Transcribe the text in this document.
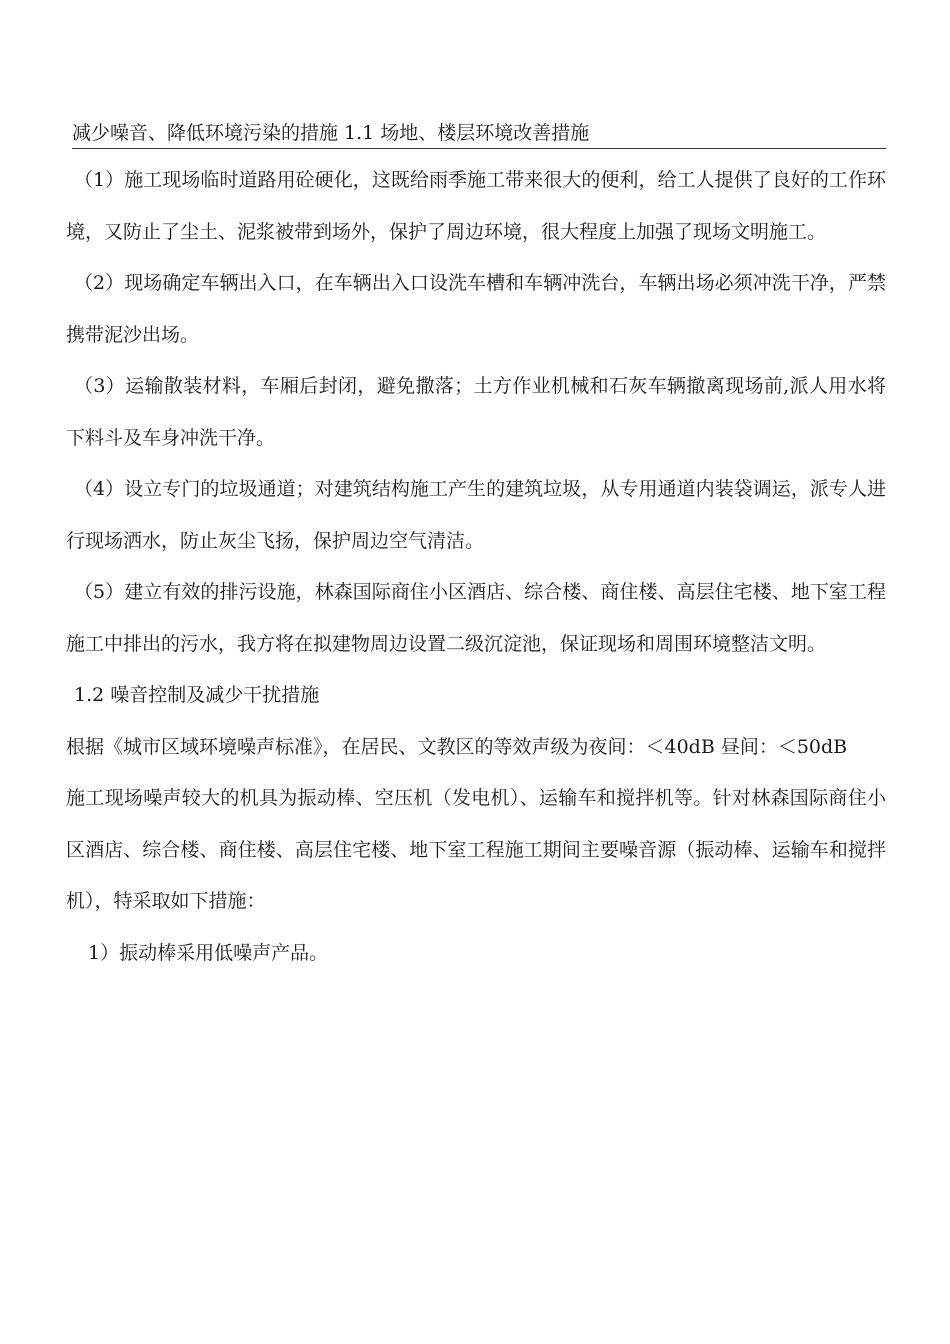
减少噪音、降低环境污染的措施 1.1 场地、楼层环境改善措施

（1）施工现场临时道路用砼硬化，这既给雨季施工带来很大的便利，给工人提供了良好的工作环境，又防止了尘土、泥浆被带到场外，保护了周边环境，很大程度上加强了现场文明施工。

（2）现场确定车辆出入口，在车辆出入口设洗车槽和车辆冲洗台，车辆出场必须冲洗干净，严禁携带泥沙出场。

（3）运输散装材料，车厢后封闭，避免撒落；土方作业机械和石灰车辆撤离现场前,派人用水将下料斗及车身冲洗干净。

（4）设立专门的垃圾通道；对建筑结构施工产生的建筑垃圾，从专用通道内装袋调运，派专人进行现场洒水，防止灰尘飞扬，保护周边空气清洁。

（5）建立有效的排污设施，林森国际商住小区酒店、综合楼、商住楼、高层住宅楼、地下室工程施工中排出的污水，我方将在拟建物周边设置二级沉淀池，保证现场和周围环境整洁文明。

1.2 噪音控制及减少干扰措施

根据《城市区域环境噪声标准》，在居民、文教区的等效声级为夜间：＜40dB 昼间：＜50dB

施工现场噪声较大的机具为振动棒、空压机（发电机）、运输车和搅拌机等。针对林森国际商住小区酒店、综合楼、商住楼、高层住宅楼、地下室工程施工期间主要噪音源（振动棒、运输车和搅拌机），特采取如下措施：

1）振动棒采用低噪声产品。
